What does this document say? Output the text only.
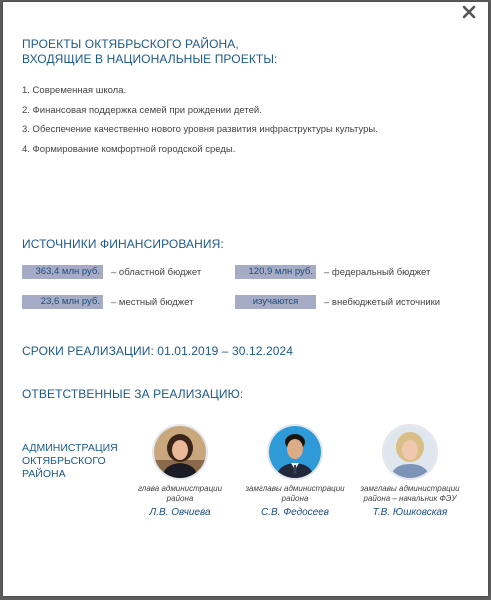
ПРОЕКТЫ ОКТЯБРЬСКОГО РАЙОНА,
ВХОДЯЩИЕ В НАЦИОНАЛЬНЫЕ ПРОЕКТЫ:
1. Современная школа.
2. Финансовая поддержка семей при рождении детей.
3. Обеспечение качественно нового уровня развития инфраструктуры культуры.
4. Формирование комфортной городской среды.
ИСТОЧНИКИ ФИНАНСИРОВАНИЯ:
363,4 млн руб.	– областной бюджет	120,9 млн руб.	– федеральный бюджет
23,6 млн руб.	– местный бюджет	изучаются	– внебюджетый источники
СРОКИ РЕАЛИЗАЦИИ: 01.01.2019 – 30.12.2024
ОТВЕТСТВЕННЫЕ ЗА РЕАЛИЗАЦИЮ:
АДМИНИСТРАЦИЯ
ОКТЯБРЬСКОГО
РАЙОНА
глава администрации
района
Л.В. Овчиева
замглавы администрации
района
С.В. Федосеев
замглавы администрации
района – начальник ФЭУ
Т.В. Юшковская
